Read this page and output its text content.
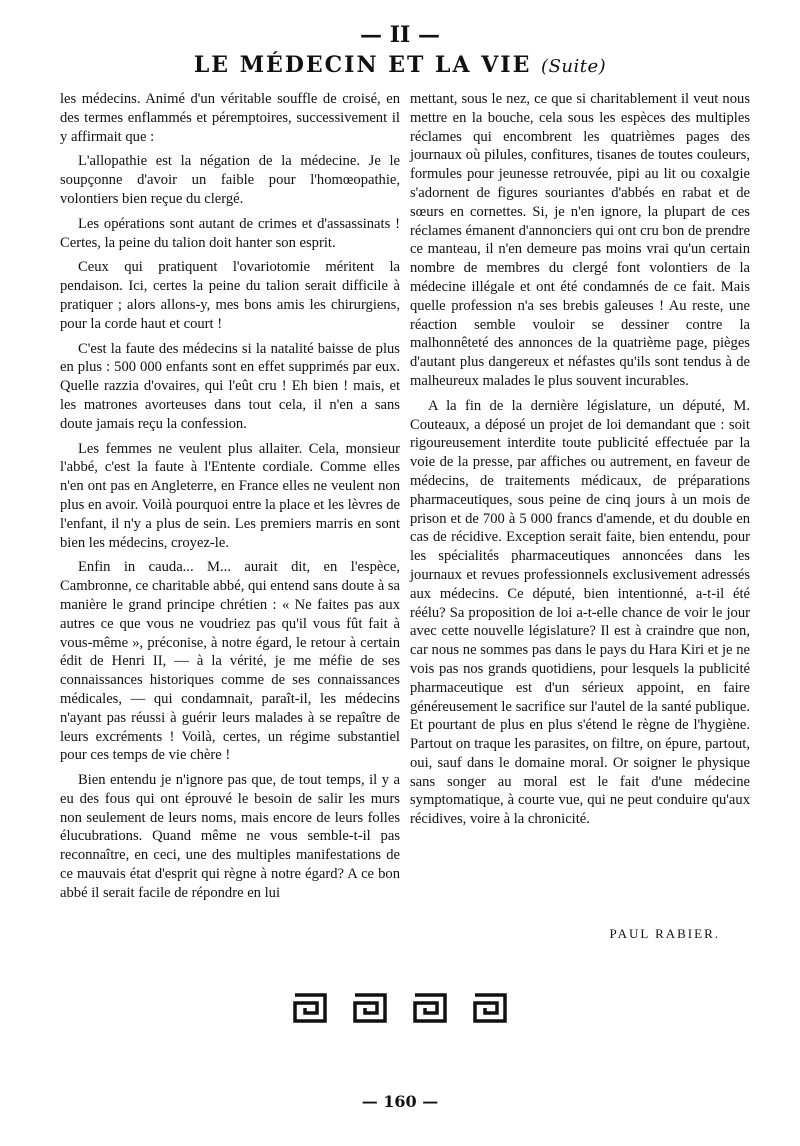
— II —
LE MÉDECIN ET LA VIE (Suite)

les médecins. Animé d'un véritable souffle de croisé, en des termes enflammés et péremptoires, successivement il y affirmait que :

L'allopathie est la négation de la médecine. Je le soupçonne d'avoir un faible pour l'homœopathie, volontiers bien reçue du clergé.

Les opérations sont autant de crimes et d'assassinats ! Certes, la peine du talion doit hanter son esprit.

Ceux qui pratiquent l'ovariotomie méritent la pendaison. Ici, certes la peine du talion serait difficile à pratiquer ; alors allons-y, mes bons amis les chirurgiens, pour la corde haut et court !

C'est la faute des médecins si la natalité baisse de plus en plus : 500 000 enfants sont en effet supprimés par eux. Quelle razzia d'ovaires, qui l'eût cru ! Eh bien ! mais, et les matrones avorteuses dans tout cela, il n'en a sans doute jamais reçu la confession.

Les femmes ne veulent plus allaiter. Cela, monsieur l'abbé, c'est la faute à l'Entente cordiale. Comme elles n'en ont pas en Angleterre, en France elles ne veulent non plus en avoir. Voilà pourquoi entre la place et les lèvres de l'enfant, il n'y a plus de sein. Les premiers marris en sont bien les médecins, croyez-le.

Enfin in cauda... M... aurait dit, en l'espèce, Cambronne, ce charitable abbé, qui entend sans doute à sa manière le grand principe chrétien : « Ne faites pas aux autres ce que vous ne voudriez pas qu'il vous fût fait à vous-même », préconise, à notre égard, le retour à certain édit de Henri II, — à la vérité, je me méfie de ses connaissances historiques comme de ses connaissances médicales, — qui condamnait, paraît-il, les médecins n'ayant pas réussi à guérir leurs malades à se repaître de leurs excréments ! Voilà, certes, un régime substantiel pour ces temps de vie chère !

Bien entendu je n'ignore pas que, de tout temps, il y a eu des fous qui ont éprouvé le besoin de salir les murs non seulement de leurs noms, mais encore de leurs folles élucubrations. Quand même ne vous semble-t-il pas reconnaître, en ceci, une des multiples manifestations de ce mauvais état d'esprit qui règne à notre égard? A ce bon abbé il serait facile de répondre en lui

mettant, sous le nez, ce que si charitablement il veut nous mettre en la bouche, cela sous les espèces des multiples réclames qui encombrent les quatrièmes pages des journaux où pilules, confitures, tisanes de toutes couleurs, formules pour jeunesse retrouvée, pipi au lit ou coxalgie s'adornent de figures souriantes d'abbés en rabat et de sœurs en cornettes. Si, je n'en ignore, la plupart de ces réclames émanent d'annonciers qui ont cru bon de prendre ce manteau, il n'en demeure pas moins vrai qu'un certain nombre de membres du clergé font volontiers de la médecine illégale et ont été condamnés de ce fait. Mais quelle profession n'a ses brebis galeuses ! Au reste, une réaction semble vouloir se dessiner contre la malhonnêteté des annonces de la quatrième page, pièges d'autant plus dangereux et néfastes qu'ils sont tendus à de malheureux malades le plus souvent incurables.

A la fin de la dernière législature, un député, M. Couteaux, a déposé un projet de loi demandant que : soit rigoureusement interdite toute publicité effectuée par la voie de la presse, par affiches ou autrement, en faveur de médecins, de traitements médicaux, de préparations pharmaceutiques, sous peine de cinq jours à un mois de prison et de 700 à 5 000 francs d'amende, et du double en cas de récidive. Exception serait faite, bien entendu, pour les spécialités pharmaceutiques annoncées dans les journaux et revues professionnels exclusivement adressés aux médecins. Ce député, bien intentionné, a-t-il été réélu? Sa proposition de loi a-t-elle chance de voir le jour avec cette nouvelle législature? Il est à craindre que non, car nous ne sommes pas dans le pays du Hara Kiri et je ne vois pas nos grands quotidiens, pour lesquels la publicité pharmaceutique est d'un sérieux appoint, en faire généreusement le sacrifice sur l'autel de la santé publique. Et pourtant de plus en plus s'étend le règne de l'hygiène. Partout on traque les parasites, on filtre, on épure, partout, oui, sauf dans le domaine moral. Or soigner le physique sans songer au moral est le fait d'une médecine symptomatique, à courte vue, qui ne peut conduire qu'aux récidives, voire à la chronicité.

PAUL RABIER.
— 160 —
